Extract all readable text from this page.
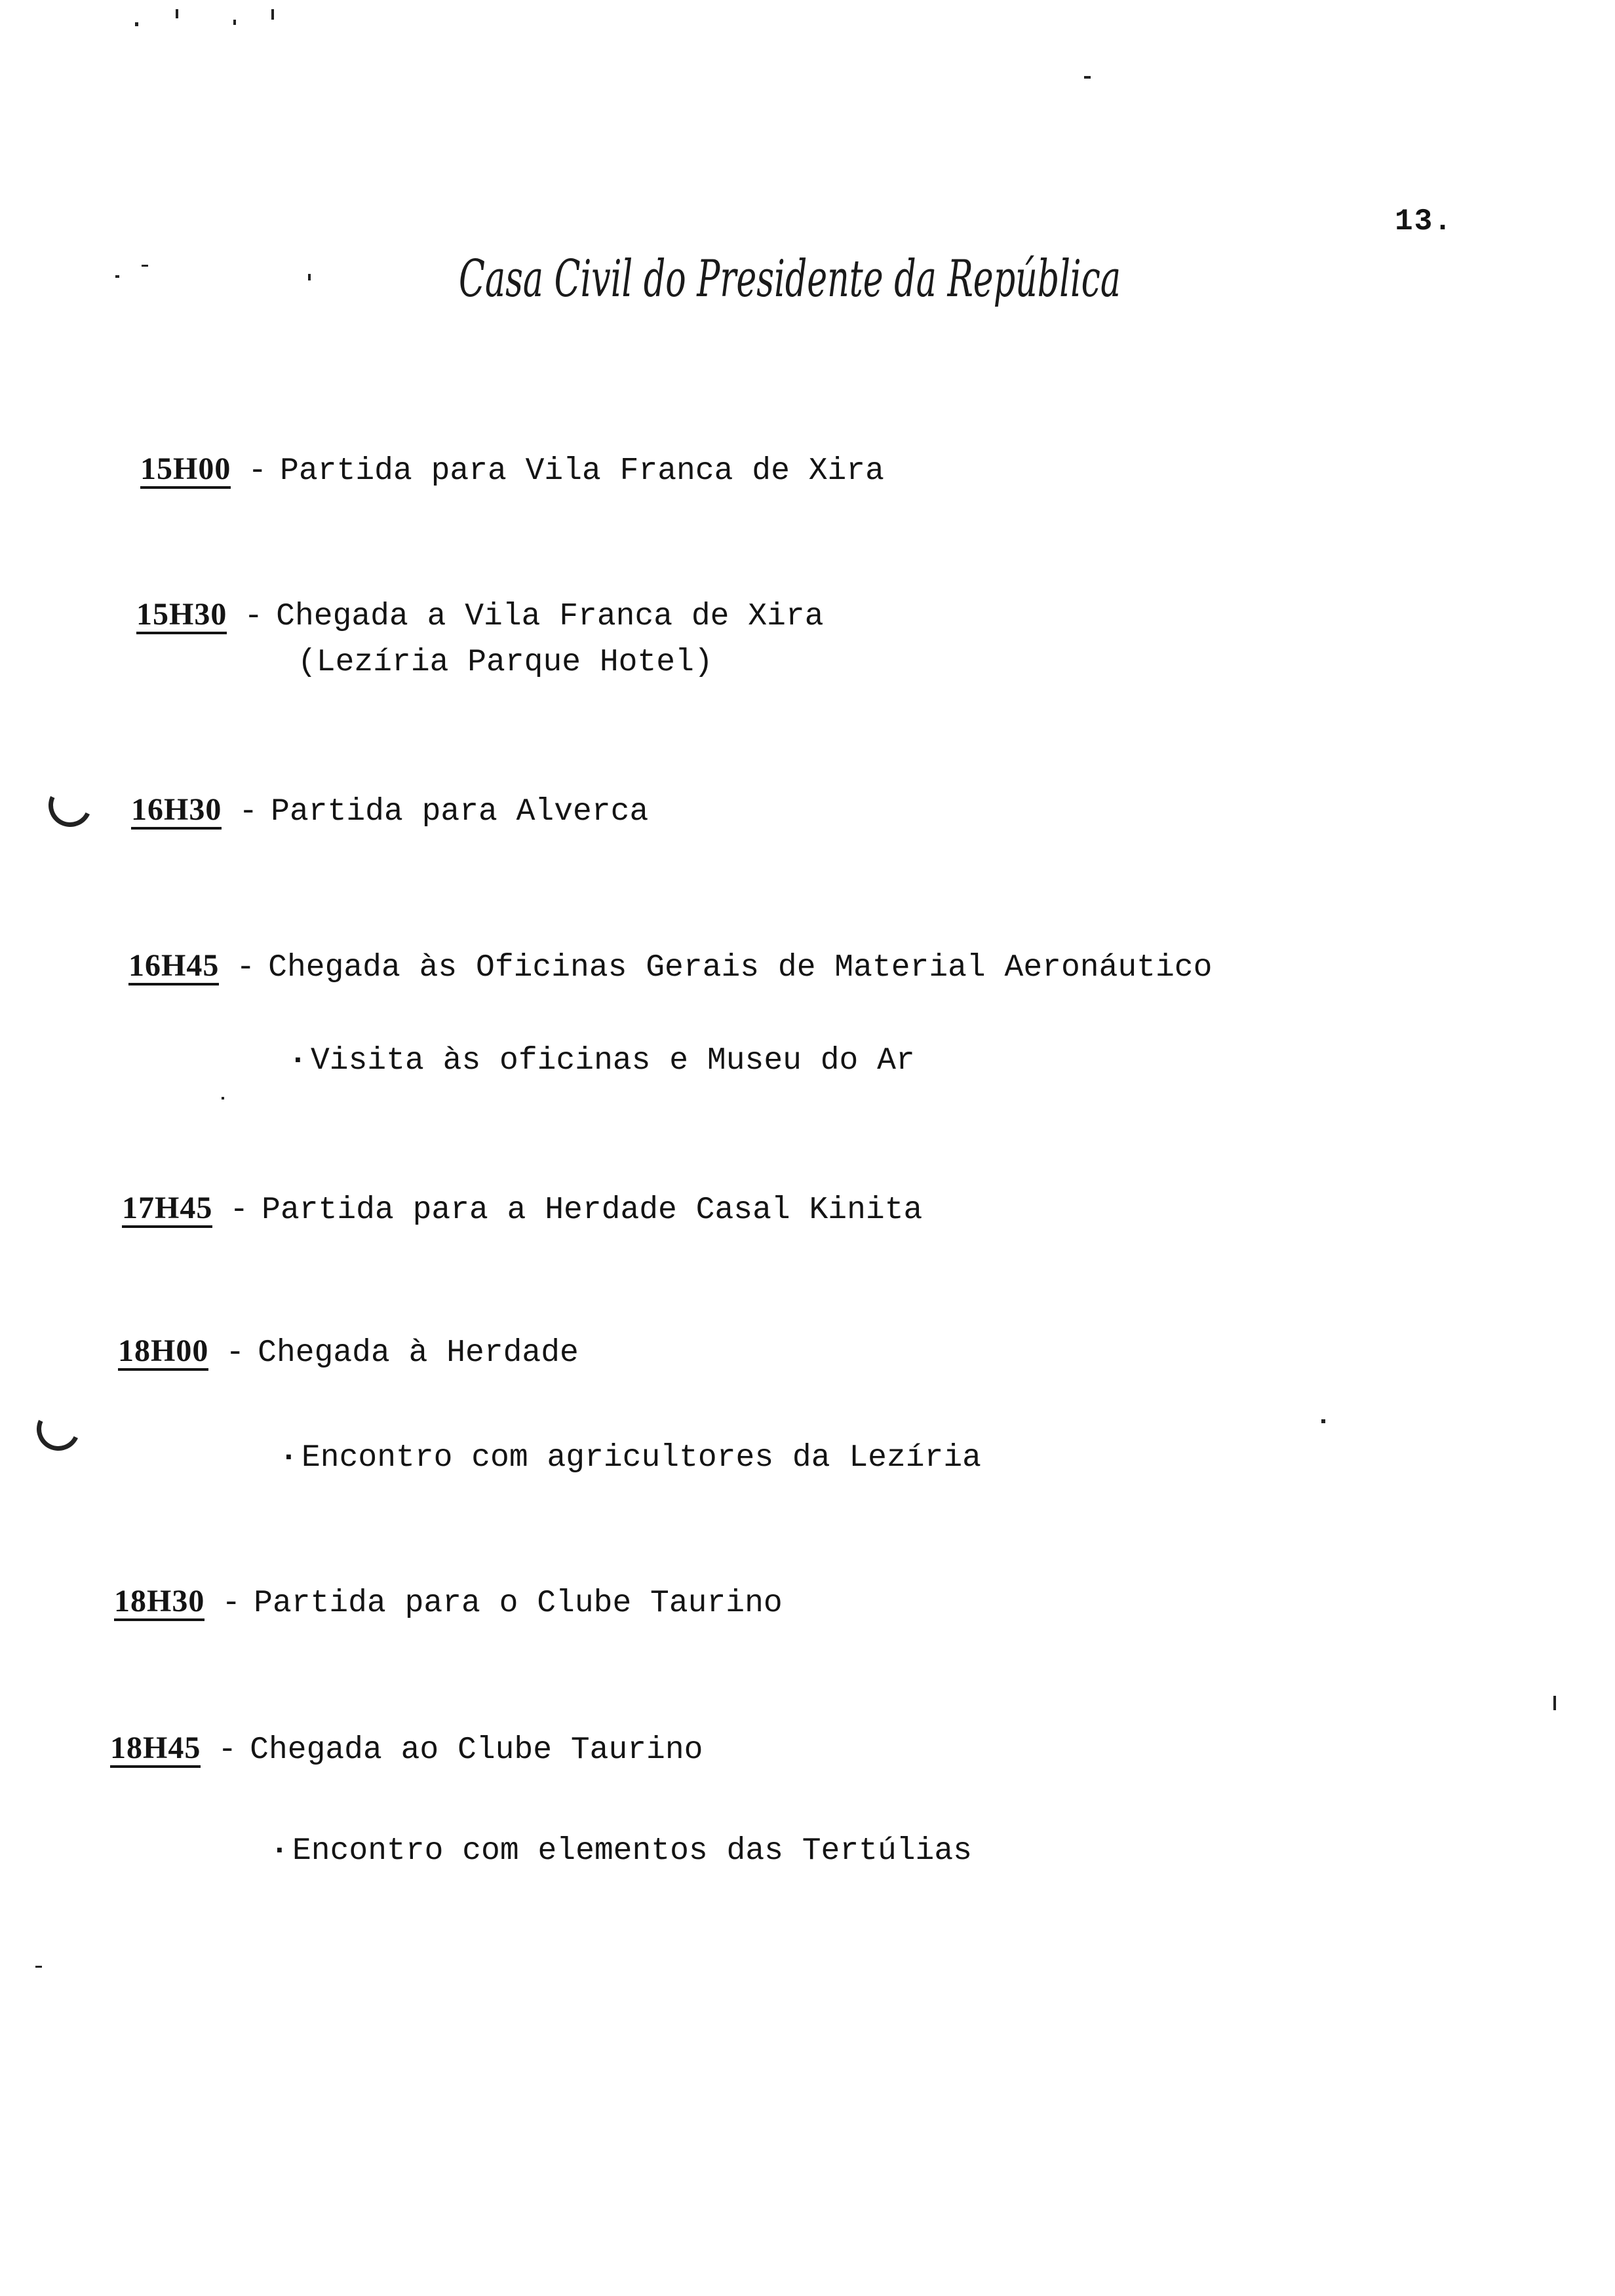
13.
Casa Civil do Presidente da República
15H00 - Partida para Vila Franca de Xira
15H30 - Chegada a Vila Franca de Xira
(Lezíria Parque Hotel)
16H30 - Partida para Alverca
16H45 - Chegada às Oficinas Gerais de Material Aeronáutico
· Visita às oficinas e Museu do Ar
17H45 - Partida para a Herdade Casal Kinita
18H00 - Chegada à Herdade
· Encontro com agricultores da Lezíria
18H30 - Partida para o Clube Taurino
18H45 - Chegada ao Clube Taurino
· Encontro com elementos das Tertúlias
